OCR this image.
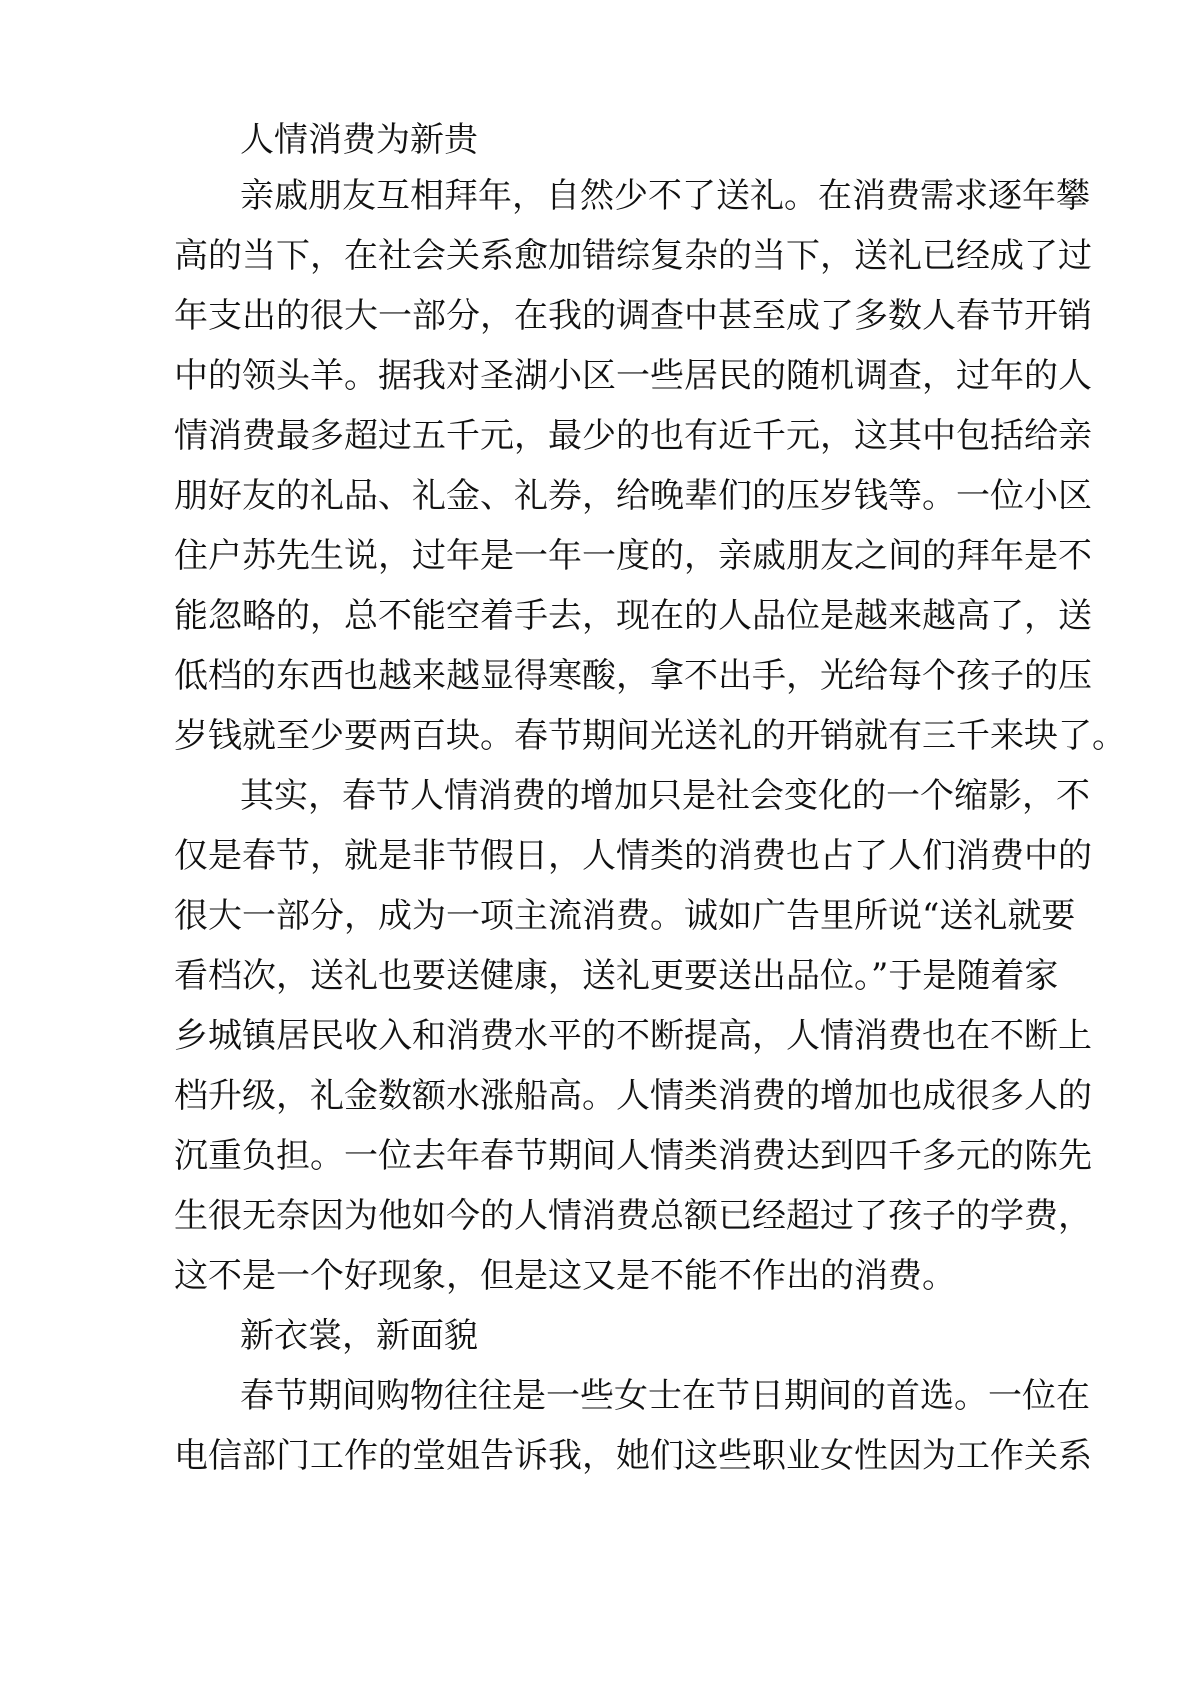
人情消费为新贵

亲戚朋友互相拜年，自然少不了送礼。在消费需求逐年攀

高的当下，在社会关系愈加错综复杂的当下，送礼已经成了过

年支出的很大一部分，在我的调查中甚至成了多数人春节开销

中的领头羊。据我对圣湖小区一些居民的随机调查，过年的人

情消费最多超过五千元，最少的也有近千元，这其中包括给亲

朋好友的礼品、礼金、礼券，给晚辈们的压岁钱等。一位小区

住户苏先生说，过年是一年一度的，亲戚朋友之间的拜年是不

能忽略的，总不能空着手去，现在的人品位是越来越高了，送

低档的东西也越来越显得寒酸，拿不出手，光给每个孩子的压

岁钱就至少要两百块。春节期间光送礼的开销就有三千来块了。

其实，春节人情消费的增加只是社会变化的一个缩影，不

仅是春节，就是非节假日，人情类的消费也占了人们消费中的

很大一部分，成为一项主流消费。诚如广告里所说“送礼就要

看档次，送礼也要送健康，送礼更要送出品位。”于是随着家

乡城镇居民收入和消费水平的不断提高，人情消费也在不断上

档升级，礼金数额水涨船高。人情类消费的增加也成很多人的

沉重负担。一位去年春节期间人情类消费达到四千多元的陈先

生很无奈因为他如今的人情消费总额已经超过了孩子的学费，

这不是一个好现象，但是这又是不能不作出的消费。

新衣裳，新面貌

春节期间购物往往是一些女士在节日期间的首选。一位在

电信部门工作的堂姐告诉我，她们这些职业女性因为工作关系
